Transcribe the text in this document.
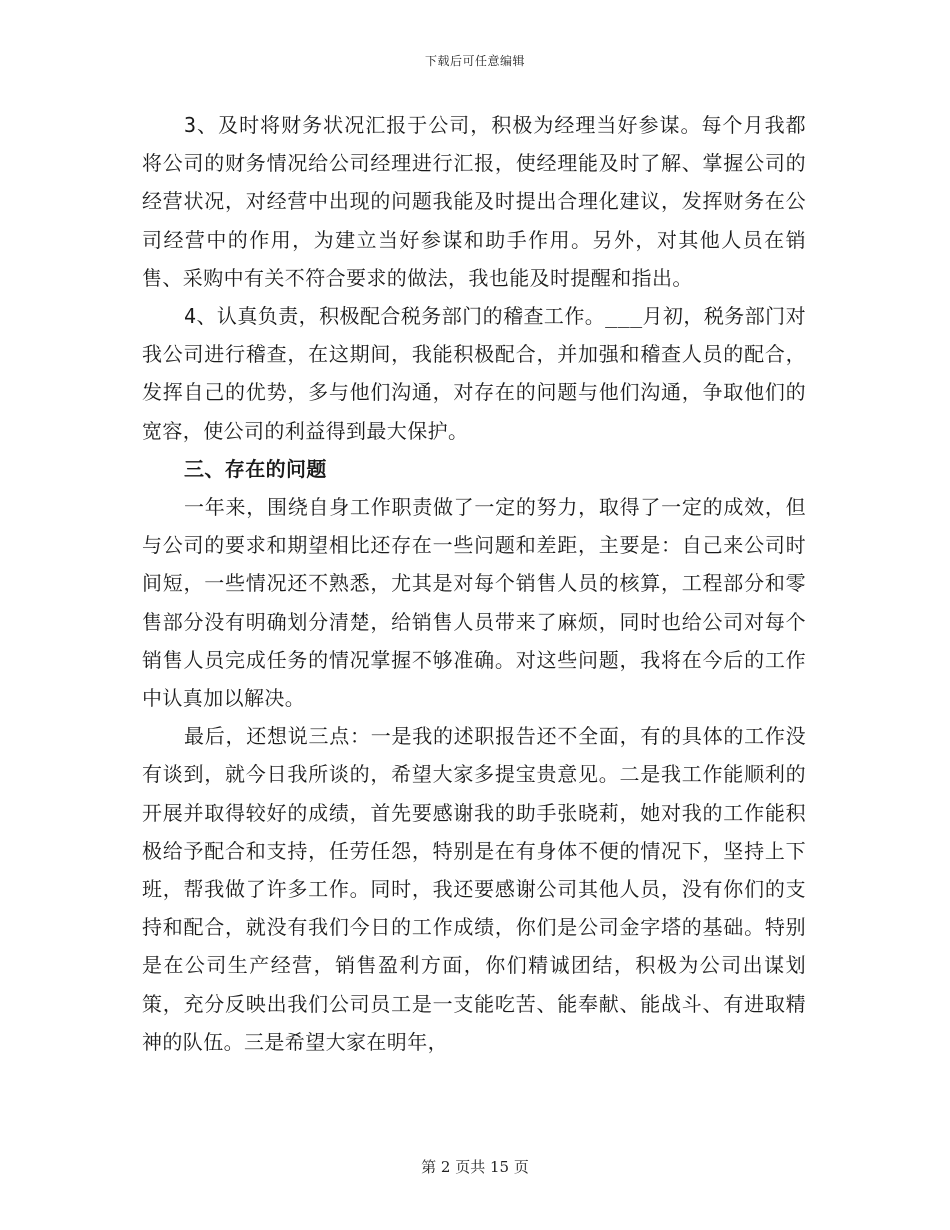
下载后可任意编辑

3、及时将财务状况汇报于公司，积极为经理当好参谋。每个月我都将公司的财务情况给公司经理进行汇报，使经理能及时了解、掌握公司的经营状况，对经营中出现的问题我能及时提出合理化建议，发挥财务在公司经营中的作用，为建立当好参谋和助手作用。另外，对其他人员在销售、采购中有关不符合要求的做法，我也能及时提醒和指出。

4、认真负责，积极配合税务部门的稽查工作。___月初，税务部门对我公司进行稽查，在这期间，我能积极配合，并加强和稽查人员的配合，发挥自己的优势，多与他们沟通，对存在的问题与他们沟通，争取他们的宽容，使公司的利益得到最大保护。

三、存在的问题

一年来，围绕自身工作职责做了一定的努力，取得了一定的成效，但与公司的要求和期望相比还存在一些问题和差距，主要是：自己来公司时间短，一些情况还不熟悉，尤其是对每个销售人员的核算，工程部分和零售部分没有明确划分清楚，给销售人员带来了麻烦，同时也给公司对每个销售人员完成任务的情况掌握不够准确。对这些问题，我将在今后的工作中认真加以解决。

最后，还想说三点：一是我的述职报告还不全面，有的具体的工作没有谈到，就今日我所谈的，希望大家多提宝贵意见。二是我工作能顺利的开展并取得较好的成绩，首先要感谢我的助手张晓莉，她对我的工作能积极给予配合和支持，任劳任怨，特别是在有身体不便的情况下，坚持上下班，帮我做了许多工作。同时，我还要感谢公司其他人员，没有你们的支持和配合，就没有我们今日的工作成绩，你们是公司金字塔的基础。特别是在公司生产经营，销售盈利方面，你们精诚团结，积极为公司出谋划策，充分反映出我们公司员工是一支能吃苦、能奉献、能战斗、有进取精神的队伍。三是希望大家在明年，

第 2 页共 15 页
